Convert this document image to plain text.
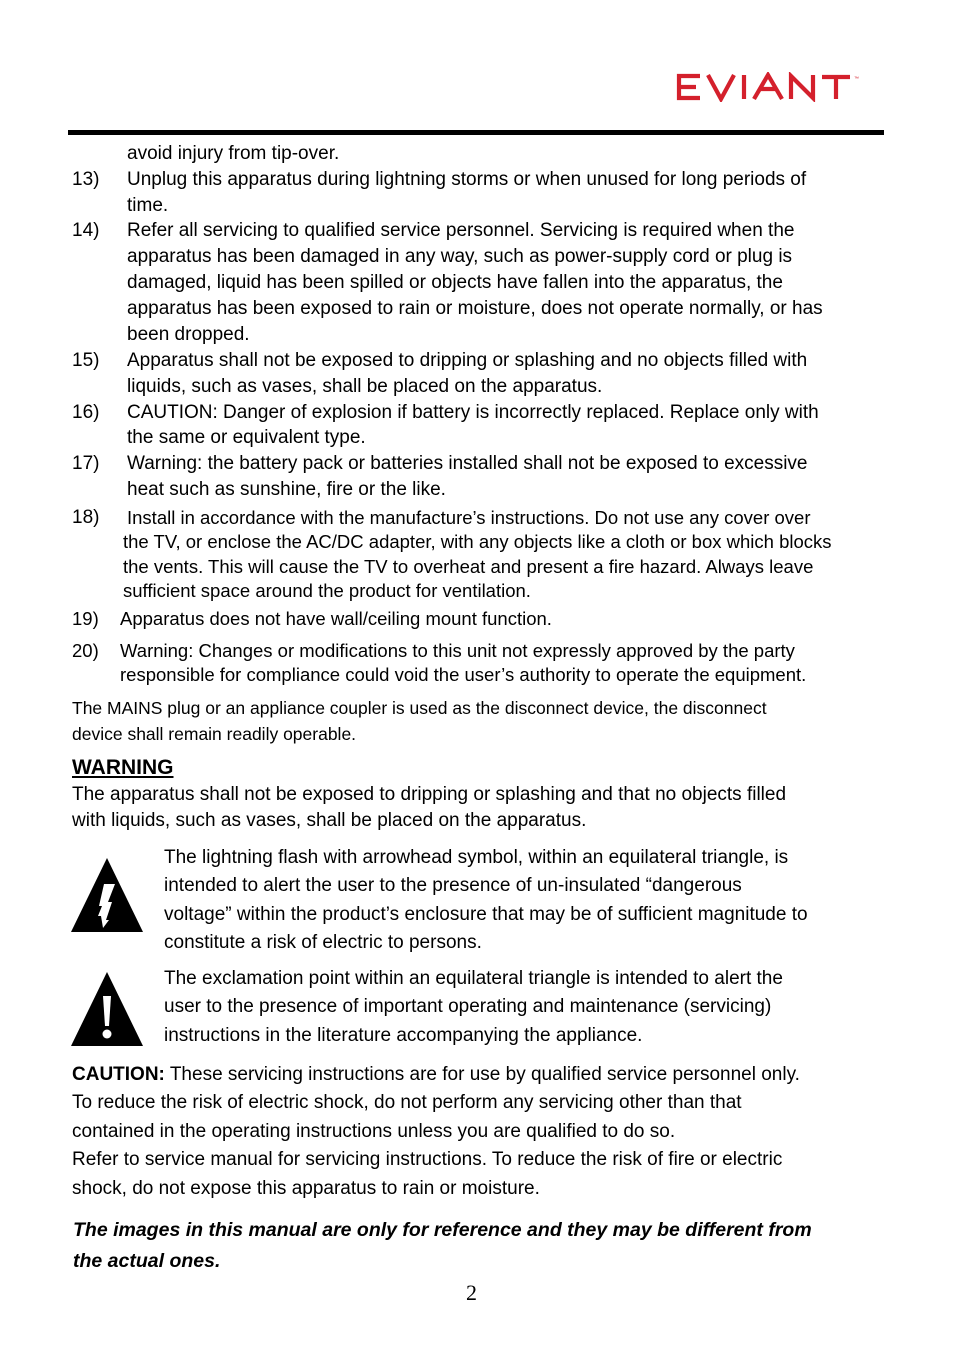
™
avoid injury from tip-over.
13) Unplug this apparatus during lightning storms or when unused for long periods of
time.
14) Refer all servicing to qualified service personnel. Servicing is required when the
apparatus has been damaged in any way, such as power-supply cord or plug is
damaged, liquid has been spilled or objects have fallen into the apparatus, the
apparatus has been exposed to rain or moisture, does not operate normally, or has
been dropped.
15) Apparatus shall not be exposed to dripping or splashing and no objects filled with
liquids, such as vases, shall be placed on the apparatus.
16) CAUTION: Danger of explosion if battery is incorrectly replaced. Replace only with
the same or equivalent type.
17) Warning: the battery pack or batteries installed shall not be exposed to excessive
heat such as sunshine, fire or the like.
18) Install in accordance with the manufacture’s instructions. Do not use any cover over
the TV, or enclose the AC/DC adapter, with any objects like a cloth or box which blocks
the vents. This will cause the TV to overheat and present a fire hazard. Always leave
sufficient space around the product for ventilation.
19) Apparatus does not have wall/ceiling mount function.
20) Warning: Changes or modifications to this unit not expressly approved by the party
responsible for compliance could void the user’s authority to operate the equipment.
The MAINS plug or an appliance coupler is used as the disconnect device, the disconnect
device shall remain readily operable.
WARNING
The apparatus shall not be exposed to dripping or splashing and that no objects filled
with liquids, such as vases, shall be placed on the apparatus.
The lightning flash with arrowhead symbol, within an equilateral triangle, is
intended to alert the user to the presence of un-insulated “dangerous
voltage” within the product’s enclosure that may be of sufficient magnitude to
constitute a risk of electric to persons.
The exclamation point within an equilateral triangle is intended to alert the
user to the presence of important operating and maintenance (servicing)
instructions in the literature accompanying the appliance.
CAUTION: These servicing instructions are for use by qualified service personnel only.
To reduce the risk of electric shock, do not perform any servicing other than that
contained in the operating instructions unless you are qualified to do so.
Refer to service manual for servicing instructions. To reduce the risk of fire or electric
shock, do not expose this apparatus to rain or moisture.
The images in this manual are only for reference and they may be different from
the actual ones.
2
